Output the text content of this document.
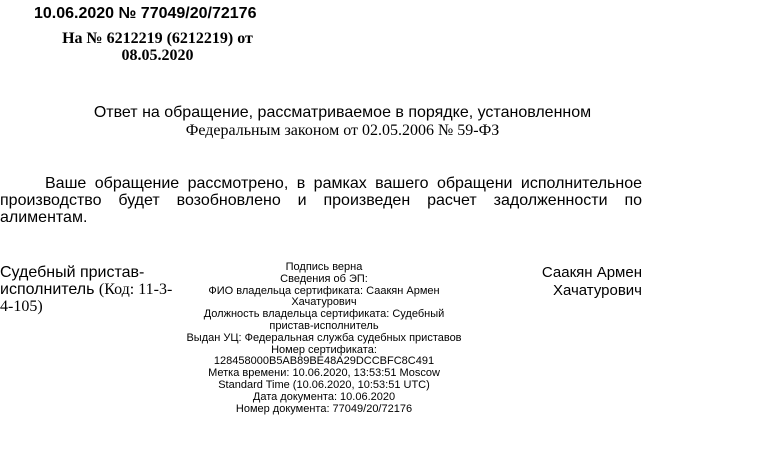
10.06.2020 № 77049/20/72176
На № 6212219 (6212219) от
08.05.2020
Ответ на обращение, рассматриваемое в порядке, установленном
Федеральным законом от 02.05.2006 № 59-ФЗ

Ваше обращение рассмотрено, в рамках вашего обращени исполнительное производство будет возобновлено и произведен расчет задолженности по алиментам.

Судебный пристав-
исполнитель (Код: 11-3-4-105)
Подпись верна
Сведения об ЭП:
ФИО владельца сертификата: Саакян Армен Хачатурович
Должность владельца сертификата: Судебный пристав-исполнитель
Выдан УЦ: Федеральная служба судебных приставов
Номер сертификата:
128458000B5AB89BE48A29DCCBFC8C491
Метка времени: 10.06.2020, 13:53:51 Moscow Standard Time (10.06.2020, 10:53:51 UTC)
Дата документа: 10.06.2020
Номер документа: 77049/20/72176
Саакян Армен Хачатурович
